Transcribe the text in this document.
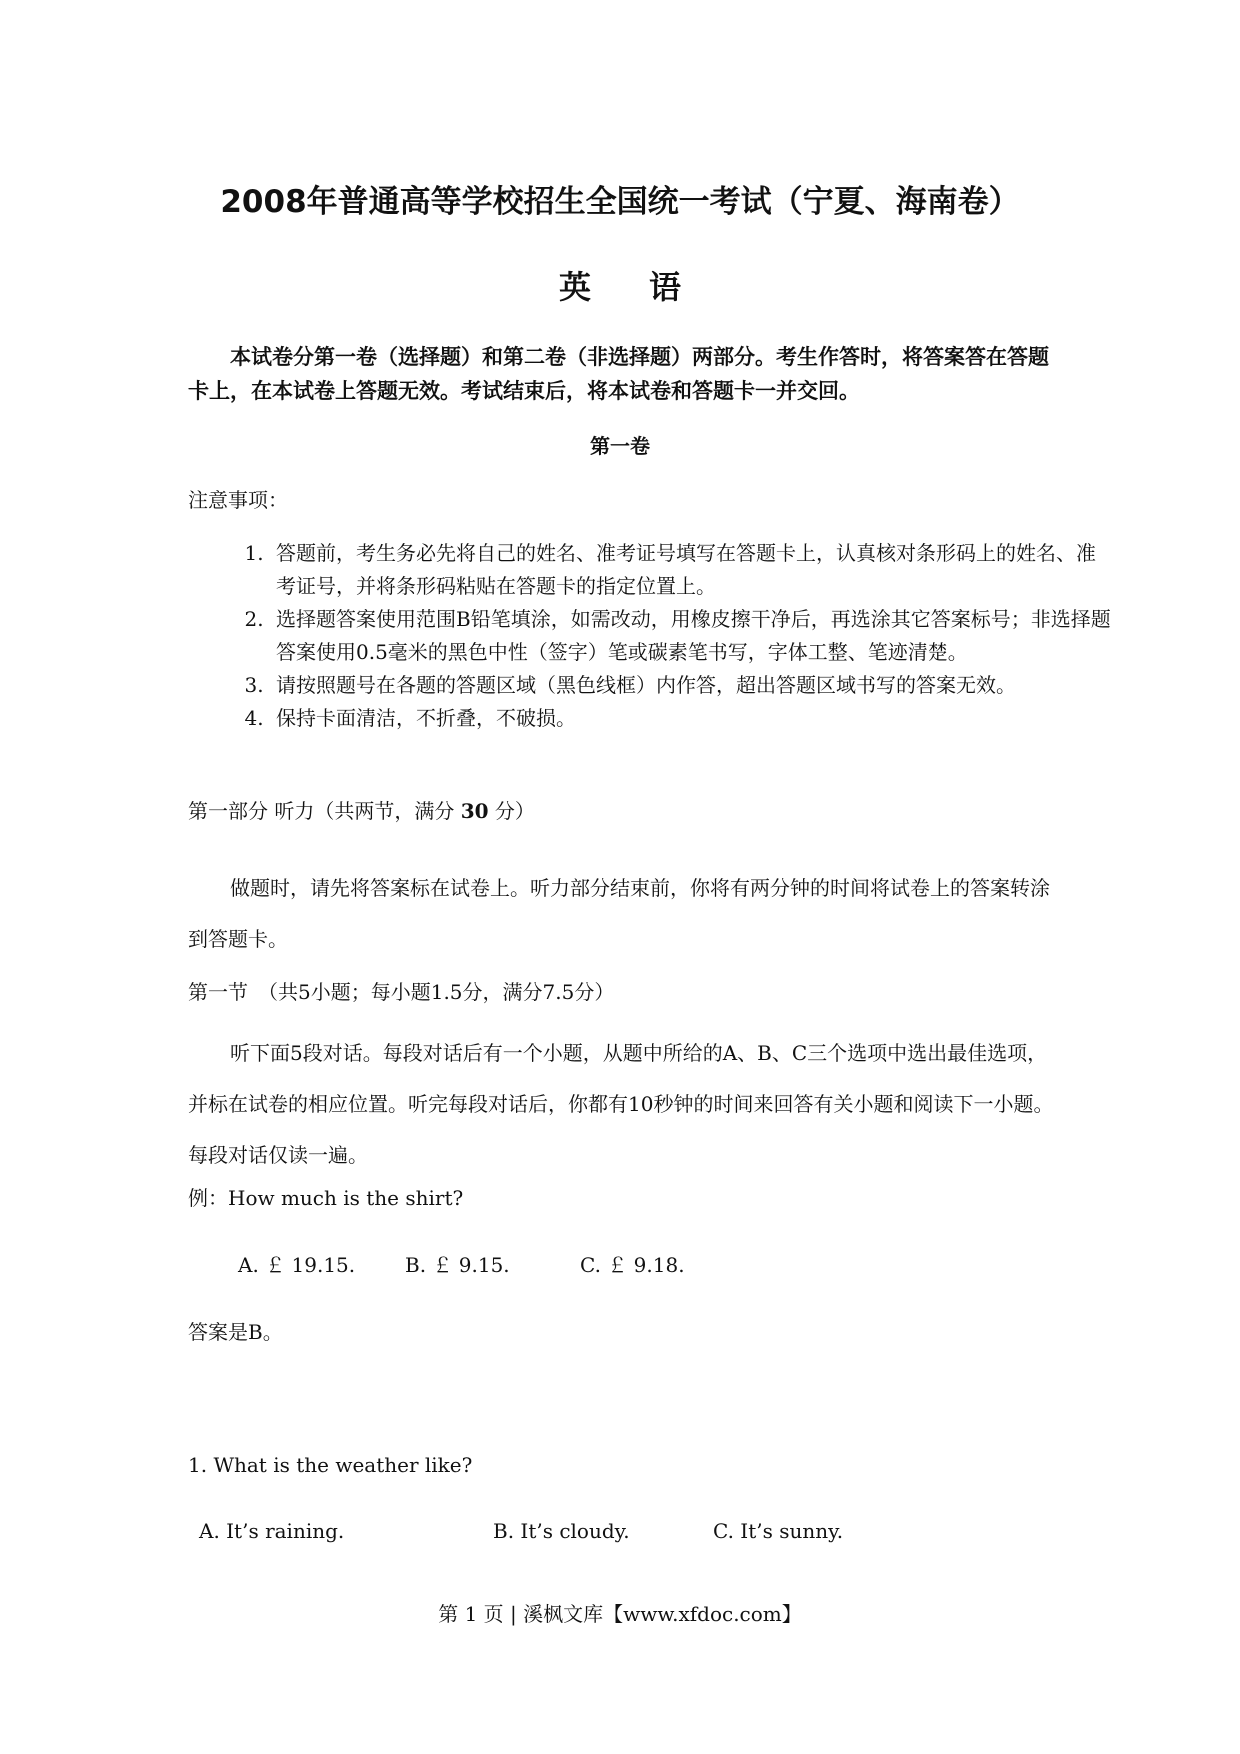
2008年普通高等学校招生全国统一考试（宁夏、海南卷）
英 语

本试卷分第一卷（选择题）和第二卷（非选择题）两部分。考生作答时，将答案答在答题卡上，在本试卷上答题无效。考试结束后，将本试卷和答题卡一并交回。

第一卷
注意事项：
1. 答题前，考生务必先将自己的姓名、准考证号填写在答题卡上，认真核对条形码上的姓名、准考证号，并将条形码粘贴在答题卡的指定位置上。
2. 选择题答案使用范围B铅笔填涂，如需改动，用橡皮擦干净后，再选涂其它答案标号；非选择题答案使用0.5毫米的黑色中性（签字）笔或碳素笔书写，字体工整、笔迹清楚。
3. 请按照题号在各题的答题区域（黑色线框）内作答，超出答题区域书写的答案无效。
4. 保持卡面清洁，不折叠，不破损。
第一部分 听力（共两节，满分 30 分）

做题时，请先将答案标在试卷上。听力部分结束前，你将有两分钟的时间将试卷上的答案转涂到答题卡。

第一节　（共5小题；每小题1.5分，满分7.5分）

听下面5段对话。每段对话后有一个小题，从题中所给的A、B、C三个选项中选出最佳选项，并标在试卷的相应位置。听完每段对话后，你都有10秒钟的时间来回答有关小题和阅读下一小题。每段对话仅读一遍。

例：How much is the shirt?
A. ￡ 19.15. B. ￡ 9.15.	C. ￡ 9.18.
答案是B。
1. What is the weather like?
A. It’s raining.	B. It’s cloudy.	C. It’s sunny.
第 1 页 | 溪枫文库【www.xfdoc.com】
